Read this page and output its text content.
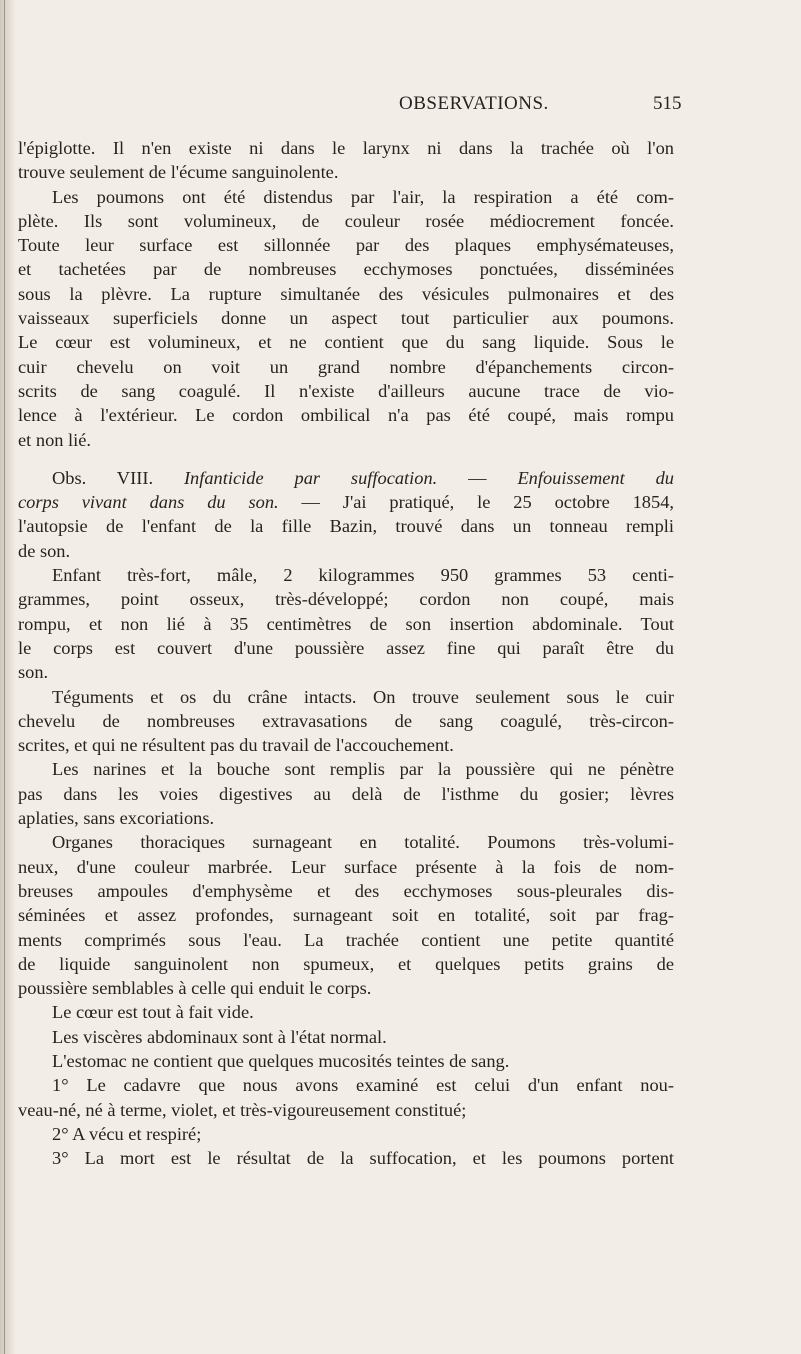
OBSERVATIONS.	515
l'épiglotte. Il n'en existe ni dans le larynx ni dans la trachée où l'on
trouve seulement de l'écume sanguinolente.
Les poumons ont été distendus par l'air, la respiration a été com-
plète. Ils sont volumineux, de couleur rosée médiocrement foncée.
Toute leur surface est sillonnée par des plaques emphysémateuses,
et tachetées par de nombreuses ecchymoses ponctuées, disséminées
sous la plèvre. La rupture simultanée des vésicules pulmonaires et des
vaisseaux superficiels donne un aspect tout particulier aux poumons.
Le cœur est volumineux, et ne contient que du sang liquide. Sous le
cuir chevelu on voit un grand nombre d'épanchements circon-
scrits de sang coagulé. Il n'existe d'ailleurs aucune trace de vio-
lence à l'extérieur. Le cordon ombilical n'a pas été coupé, mais rompu
et non lié.
Obs. VIII. Infanticide par suffocation. — Enfouissement du
corps vivant dans du son. — J'ai pratiqué, le 25 octobre 1854,
l'autopsie de l'enfant de la fille Bazin, trouvé dans un tonneau rempli
de son.
Enfant très-fort, mâle, 2 kilogrammes 950 grammes 53 centi-
grammes, point osseux, très-développé; cordon non coupé, mais
rompu, et non lié à 35 centimètres de son insertion abdominale. Tout
le corps est couvert d'une poussière assez fine qui paraît être du
son.
Téguments et os du crâne intacts. On trouve seulement sous le cuir
chevelu de nombreuses extravasations de sang coagulé, très-circon-
scrites, et qui ne résultent pas du travail de l'accouchement.
Les narines et la bouche sont remplis par la poussière qui ne pénètre
pas dans les voies digestives au delà de l'isthme du gosier; lèvres
aplaties, sans excoriations.
Organes thoraciques surnageant en totalité. Poumons très-volumi-
neux, d'une couleur marbrée. Leur surface présente à la fois de nom-
breuses ampoules d'emphysème et des ecchymoses sous-pleurales dis-
séminées et assez profondes, surnageant soit en totalité, soit par frag-
ments comprimés sous l'eau. La trachée contient une petite quantité
de liquide sanguinolent non spumeux, et quelques petits grains de
poussière semblables à celle qui enduit le corps.
Le cœur est tout à fait vide.
Les viscères abdominaux sont à l'état normal.
L'estomac ne contient que quelques mucosités teintes de sang.
1° Le cadavre que nous avons examiné est celui d'un enfant nou-
veau-né, né à terme, violet, et très-vigoureusement constitué;
2° A vécu et respiré;
3° La mort est le résultat de la suffocation, et les poumons portent
